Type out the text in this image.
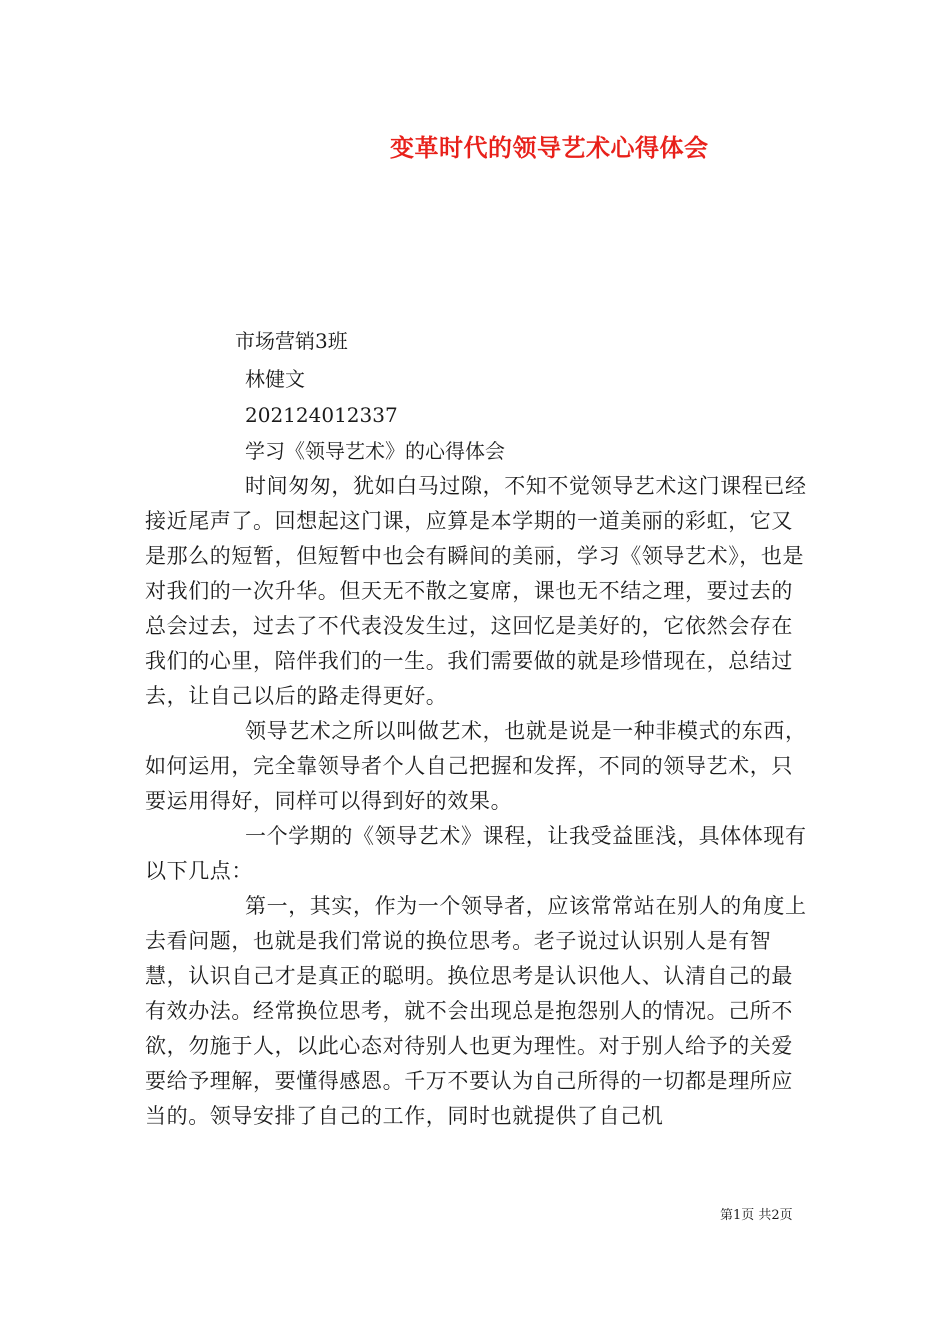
变革时代的领导艺术心得体会
市场营销3班
林健文
202124012337
学习《领导艺术》的心得体会

时间匆匆，犹如白马过隙，不知不觉领导艺术这门课程已经接近尾声了。回想起这门课，应算是本学期的一道美丽的彩虹，它又是那么的短暂，但短暂中也会有瞬间的美丽，学习《领导艺术》，也是对我们的一次升华。但天无不散之宴席，课也无不结之理，要过去的总会过去，过去了不代表没发生过，这回忆是美好的，它依然会存在我们的心里，陪伴我们的一生。我们需要做的就是珍惜现在，总结过去，让自己以后的路走得更好。

领导艺术之所以叫做艺术，也就是说是一种非模式的东西，如何运用，完全靠领导者个人自己把握和发挥，不同的领导艺术，只要运用得好，同样可以得到好的效果。

一个学期的《领导艺术》课程，让我受益匪浅，具体体现有以下几点：

第一，其实，作为一个领导者，应该常常站在别人的角度上去看问题，也就是我们常说的换位思考。老子说过认识别人是有智慧，认识自己才是真正的聪明。换位思考是认识他人、认清自己的最有效办法。经常换位思考，就不会出现总是抱怨别人的情况。己所不欲，勿施于人，以此心态对待别人也更为理性。对于别人给予的关爱要给予理解，要懂得感恩。千万不要认为自己所得的一切都是理所应当的。领导安排了自己的工作，同时也就提供了自己机

第1页 共2页
